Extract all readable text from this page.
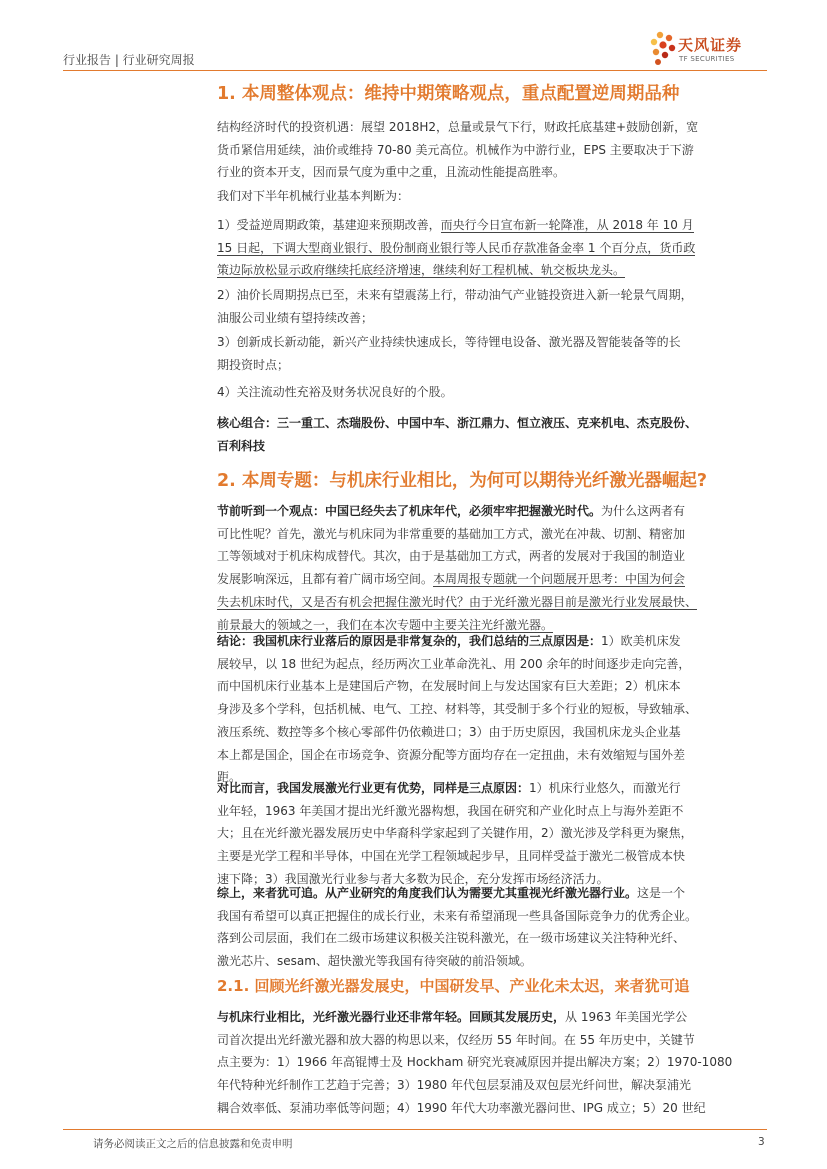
行业报告 | 行业研究周报
天风证券
TF SECURITIES
1. 本周整体观点：维持中期策略观点，重点配置逆周期品种
结构经济时代的投资机遇：展望 2018H2，总量或景气下行，财政托底基建+鼓励创新，宽
货币紧信用延续，油价或维持 70-80 美元高位。机械作为中游行业，EPS 主要取决于下游
行业的资本开支，因而景气度为重中之重，且流动性能提高胜率。
我们对下半年机械行业基本判断为：
1）受益逆周期政策，基建迎来预期改善，而央行今日宣布新一轮降准，从 2018 年 10 月
15 日起，下调大型商业银行、股份制商业银行等人民币存款准备金率 1 个百分点，货币政
策边际放松显示政府继续托底经济增速，继续利好工程机械、轨交板块龙头。
2）油价长周期拐点已至，未来有望震荡上行，带动油气产业链投资进入新一轮景气周期，
油服公司业绩有望持续改善；
3）创新成长新动能，新兴产业持续快速成长，等待锂电设备、激光器及智能装备等的长
期投资时点；
4）关注流动性充裕及财务状况良好的个股。
核心组合：三一重工、杰瑞股份、中国中车、浙江鼎力、恒立液压、克来机电、杰克股份、
百利科技
2. 本周专题：与机床行业相比，为何可以期待光纤激光器崛起?
节前听到一个观点：中国已经失去了机床年代，必须牢牢把握激光时代。为什么这两者有
可比性呢？首先，激光与机床同为非常重要的基础加工方式，激光在冲裁、切割、精密加
工等领域对于机床构成替代。其次，由于是基础加工方式，两者的发展对于我国的制造业
发展影响深远，且都有着广阔市场空间。本周周报专题就一个问题展开思考：中国为何会
失去机床时代，又是否有机会把握住激光时代？由于光纤激光器目前是激光行业发展最快、
前景最大的领域之一，我们在本次专题中主要关注光纤激光器。
结论：我国机床行业落后的原因是非常复杂的，我们总结的三点原因是：1）欧美机床发
展较早，以 18 世纪为起点，经历两次工业革命洗礼、用 200 余年的时间逐步走向完善，
而中国机床行业基本上是建国后产物，在发展时间上与发达国家有巨大差距；2）机床本
身涉及多个学科，包括机械、电气、工控、材料等，其受制于多个行业的短板，导致轴承、
液压系统、数控等多个核心零部件仍依赖进口；3）由于历史原因，我国机床龙头企业基
本上都是国企，国企在市场竞争、资源分配等方面均存在一定扭曲，未有效缩短与国外差
距。
对比而言，我国发展激光行业更有优势，同样是三点原因：1）机床行业悠久，而激光行
业年轻，1963 年美国才提出光纤激光器构想，我国在研究和产业化时点上与海外差距不
大；且在光纤激光器发展历史中华裔科学家起到了关键作用，2）激光涉及学科更为聚焦，
主要是光学工程和半导体，中国在光学工程领域起步早，且同样受益于激光二极管成本快
速下降；3）我国激光行业参与者大多数为民企，充分发挥市场经济活力。
综上，来者犹可追。从产业研究的角度我们认为需要尤其重视光纤激光器行业。这是一个
我国有希望可以真正把握住的成长行业，未来有希望涌现一些具备国际竞争力的优秀企业。
落到公司层面，我们在二级市场建议积极关注锐科激光，在一级市场建议关注特种光纤、
激光芯片、sesam、超快激光等我国有待突破的前沿领域。
2.1. 回顾光纤激光器发展史，中国研发早、产业化未太迟，来者犹可追
与机床行业相比，光纤激光器行业还非常年轻。回顾其发展历史，从 1963 年美国光学公
司首次提出光纤激光器和放大器的构思以来，仅经历 55 年时间。在 55 年历史中，关键节
点主要为：1）1966 年高锟博士及 Hockham 研究光衰减原因并提出解决方案；2）1970-1080
年代特种光纤制作工艺趋于完善；3）1980 年代包层泵浦及双包层光纤问世，解决泵浦光
耦合效率低、泵浦功率低等问题；4）1990 年代大功率激光器问世、IPG 成立；5）20 世纪
请务必阅读正文之后的信息披露和免责申明	3
